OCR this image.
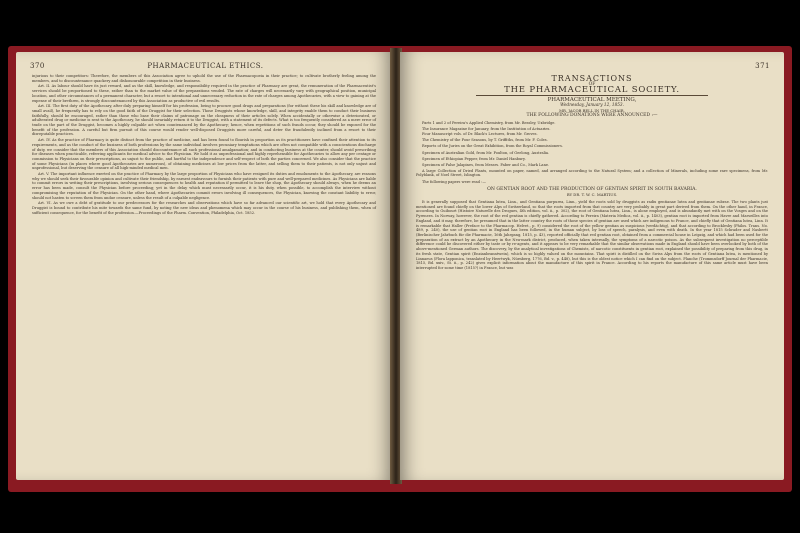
370	PHARMACEUTICAL ETHICS.

injurious to their competitors: Therefore, the members of this Association agree to uphold the use of the Pharmacopoeia in their practice; to cultivate brotherly feeling among the members, and to discountenance quackery and dishonourable competition in their business.

Art. II. As labour should have its just reward, and as the skill, knowledge, and responsibility required in the practice of Pharmacy are great, the remuneration of the Pharmaceutist's services should be proportioned to these, rather than to the market value of the preparations vended. The rate of charges will necessarily vary with geographical position, municipal location, and other circumstances of a permanent character, but a resort to intentional and unnecessary reduction in the rate of charges among Apothecaries, with a view to gaining at the expense of their brethren, is strongly discountenanced by this Association as productive of evil results.

Art. III. The first duty of the Apothecary, after duly preparing himself for his profession, being to procure good drugs and preparations (for without these his skill and knowledge are of small avail), he frequently has to rely on the good faith of the Druggist for their selection. Those Druggists whose knowledge, skill, and integrity enable them to conduct their business faithfully, should be encouraged, rather than those who base their claims of patronage on the cheapness of their articles solely. When accidentally or otherwise a deteriorated, or adulterated drug or medicine is sent to the Apothecary, he should invariably return it to the Druggist, with a statement of its defects. What is too frequently considered as a mere error of trade on the part of the Druggist, becomes a highly culpable act when countenanced by the Apothecary; hence, when repetitions of such frauds occur, they should be exposed for the benefit of the profession. A careful but firm pursuit of this course would render well-disposed Druggists more careful, and deter the fraudulently inclined from a resort to their disreputable practices.

Art. IV. As the practice of Pharmacy is quite distinct from the practice of medicine, and has been found to flourish in proportion as its practitioners have confined their attention to its requirements, and as the conduct of the business of both professions by the same individual involves pecuniary temptations which are often not compatible with a conscientious discharge of duty, we consider that the members of this Association should discountenance all such professional amalgamation; and in conducting business at the counter, should avoid prescribing for diseases when practicable, referring applicants for medical advice to the Physician. We hold it as unprofessional and highly reprehensible for Apothecaries to allow any per centage or commission to Physicians on their prescriptions, as unjust to the public, and hurtful to the independence and self-respect of both the parties concerned. We also consider that the practice of some Physicians (in places where good Apothecaries are numerous), of obtaining medicines at low prices from the latter, and selling them to their patients, is not only unjust and unprofessional, but deserving the censure of all high-minded medical men.

Art. V. The important influence exerted on the practice of Pharmacy by the large proportion of Physicians who have resigned its duties and emoluments to the Apothecary, are reasons why we should seek their favourable opinion and cultivate their friendship, by earnest endeavours to furnish their patients with pure and well-prepared medicines. As Physicians are liable to commit errors in writing their prescriptions, involving serious consequences to health and reputation if permitted to leave the shop, the Apothecary should always, when he deems an error has been made, consult the Physician before proceeding; yet in the delay which must necessarily occur, it is his duty, when possible, to accomplish the interview without compromising the reputation of the Physician. On the other hand, where Apothecaries commit errors involving ill consequences, the Physician, knowing the constant liability to error, should not hasten to screen them from undue censure, unless the result of a culpable negligence.

Art. VI. As we owe a debt of gratitude to our predecessors for the researches and observations which have so far advanced our scientific art, we hold that every Apothecary and Druggist is bound to contribute his mite towards the same fund, by noting the new ideas and phenomena which may occur in the course of his business, and publishing them, when of sufficient consequence, for the benefit of the profession.—Proceedings of the Pharm. Convention, Philadelphia, Oct. 1852.

371
TRANSACTIONS
OF
THE PHARMACEUTICAL SOCIETY.
PHARMACEUTICAL MEETING,
Wednesday, January 12, 1853.
MR. JACOB BELL IN THE CHAIR.
THE FOLLOWING DONATIONS WERE ANNOUNCED :—

Parts 1 and 2 of Pereira's Applied Chemistry, from Mr. Bessley, Uxbridge.

The Insurance Magazine for January, from the Institution of Actuaries.

Four Manuscript vols. of Dr. Black's Lectures, from Mr. Groves.

The Chemistry of the Four Seasons, by T. Griffiths, from Mr. F. Coles.

Reports of the Juries on the Great Exhibition, from the Royal Commissioners.

Specimen of Australian Gold, from Mr. Poulton, of Geelong, Australia.

Specimen of Ethiopian Pepper, from Mr. Daniel Hanbury.

Specimen of False Jalapines, from Messrs. Faber and Co., Mark Lane.

A large Collection of Dried Plants, mounted on paper, named, and arranged according to the Natural System; and a collection of Minerals, including some rare specimens, from Mr. Polyblank, of Noel Street, Islington.

The following papers were read :—

ON GENTIAN ROOT AND THE PRODUCTION OF GENTIAN SPIRIT IN SOUTH BAVARIA.
BY DR. T. W. C. MARTIUS.

It is generally supposed that Gentiana lutea, Linn., and Gentiana purpurea, Linn., yield the roots sold by druggists as radix gentianae lutea and gentianae rubrae. The two plants just mentioned are found chiefly on the lower Alps of Switzerland, so that the roots imported from that country are very probably in great part derived from them. On the other hand, in France, according to Guibourt (Histoire Naturelle des Drogues, 4th edition, vol. ii., p. 302), the root of Gentiana lutea, Linn., is alone employed, and is abundantly met with on the Vosges and on the Pyrenees. In Norway, however, the root of the red gentian is chiefly gathered. According to Pereira (Materia Medica, vol. ii., p. 1403), gentian root is imported from Havre and Marseilles into England, and it may, therefore, be presumed that in the latter country the roots of those species of gentian are used which are indigenous to France, and chiefly that of Gentiana lutea, Linn. It is remarkable that Haller (Preface to the Pharmacop. Helvet., p. 9) considered the root of the yellow gentian as suspicious (verdächtig), and that according to Brocklesby (Philos. Trans. No. 489, p. 240), the use of gentian root in England has been followed, in the human subject, by loss of speech, paralysis, and even with death. In the year 1815 Schrader and Nasbertt (Berlinischer Jahrbuch für die Pharmacie, 16th Jahrgang, 1815, p. 43), reported officially that red gentian root, obtained from a commercial house in Leipzig, and which had been used for the preparation of an extract by an Apothecary in the Neu-mark district, produced, when taken internally, the symptoms of a narcotic poison. As the subsequent investigation no perceptible difference could be discovered either by taste or by re-agents, and it appears to be very remarkable that the similar observations made in England should have been overlooked by both of the above-mentioned German authors. The discovery, by the analytical investigations of Chemists, of narcotic constituents in gentian root, explained the possibility of preparing from this drug, in its fresh state, Gentian spirit (Enzianbranntwein), which is so highly valued on the mountains. That spirit is distilled on the Swiss Alps from the roots of Gentiana lutea, is mentioned by Linnaeus (Flora lapponica, translated by Heertwyk, Nürnberg, 1776, Bd. v., p. 448), but this is the oldest notice which I can find on the subject. Planche (Trommsdorff Journal der Pharmacie, 1815, Bd. xxiv., St. ii., p. 242) gives explicit information about the manufacture of this spirit in France. According to his reports the manufacture of this same article must have been interrupted for some time (1815?) in France, but was
